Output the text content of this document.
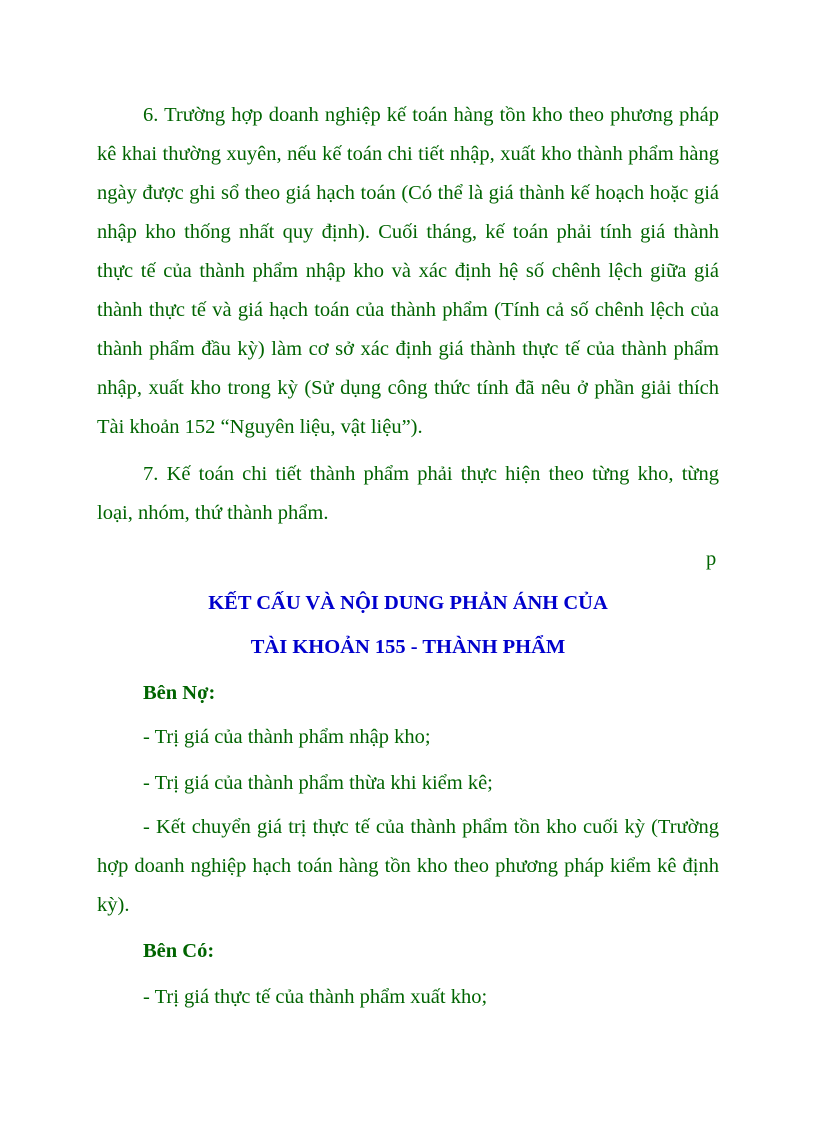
6. Trường hợp doanh nghiệp kế toán hàng tồn kho theo phương pháp kê khai thường xuyên, nếu kế toán chi tiết nhập, xuất kho thành phẩm hàng ngày được ghi sổ theo giá hạch toán (Có thể là giá thành kế hoạch hoặc giá nhập kho thống nhất quy định). Cuối tháng, kế toán phải tính giá thành thực tế của thành phẩm nhập kho và xác định hệ số chênh lệch giữa giá thành thực tế và giá hạch toán của thành phẩm (Tính cả số chênh lệch của thành phẩm đầu kỳ) làm cơ sở xác định giá thành thực tế của thành phẩm nhập, xuất kho trong kỳ (Sử dụng công thức tính đã nêu ở phần giải thích Tài khoản 152 “Nguyên liệu, vật liệu”).

7. Kế toán chi tiết thành phẩm phải thực hiện theo từng kho, từng loại, nhóm, thứ thành phẩm.

p
KẾT CẤU VÀ NỘI DUNG PHẢN ÁNH CỦA
TÀI KHOẢN 155 - THÀNH PHẨM
Bên Nợ:

- Trị giá của thành phẩm nhập kho;

- Trị giá của thành phẩm thừa khi kiểm kê;

- Kết chuyển giá trị thực tế của thành phẩm tồn kho cuối kỳ (Trường hợp doanh nghiệp hạch toán hàng tồn kho theo phương pháp kiểm kê định kỳ).

Bên Có:

- Trị giá thực tế của thành phẩm xuất kho;
